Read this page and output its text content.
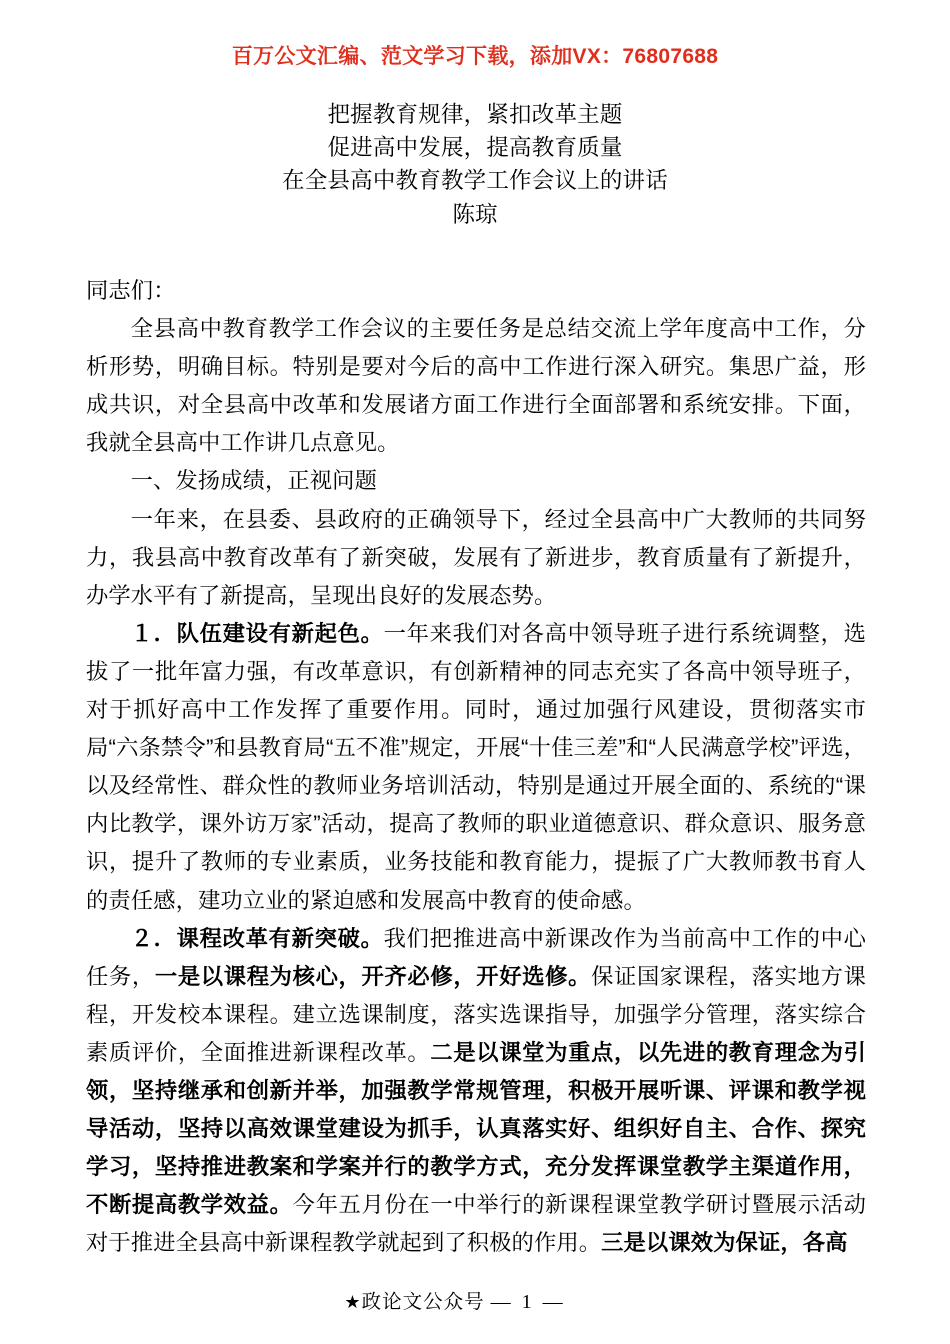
百万公文汇编、范文学习下载，添加VX：76807688
把握教育规律，紧扣改革主题
促进高中发展，提高教育质量
在全县高中教育教学工作会议上的讲话
陈琼

同志们：

全县高中教育教学工作会议的主要任务是总结交流上学年度高中工作，分析形势，明确目标。特别是要对今后的高中工作进行深入研究。集思广益，形成共识，对全县高中改革和发展诸方面工作进行全面部署和系统安排。下面，我就全县高中工作讲几点意见。

一、发扬成绩，正视问题

一年来，在县委、县政府的正确领导下，经过全县高中广大教师的共同努力，我县高中教育改革有了新突破，发展有了新进步，教育质量有了新提升，办学水平有了新提高，呈现出良好的发展态势。

１．队伍建设有新起色。一年来我们对各高中领导班子进行系统调整，选拔了一批年富力强，有改革意识，有创新精神的同志充实了各高中领导班子，对于抓好高中工作发挥了重要作用。同时，通过加强行风建设，贯彻落实市局“六条禁令”和县教育局“五不准”规定，开展“十佳三差”和“人民满意学校”评选，以及经常性、群众性的教师业务培训活动，特别是通过开展全面的、系统的“课内比教学，课外访万家”活动，提高了教师的职业道德意识、群众意识、服务意识，提升了教师的专业素质，业务技能和教育能力，提振了广大教师教书育人的责任感，建功立业的紧迫感和发展高中教育的使命感。

２．课程改革有新突破。我们把推进高中新课改作为当前高中工作的中心任务，一是以课程为核心，开齐必修，开好选修。保证国家课程，落实地方课程，开发校本课程。建立选课制度，落实选课指导，加强学分管理，落实综合素质评价，全面推进新课程改革。二是以课堂为重点，以先进的教育理念为引领，坚持继承和创新并举，加强教学常规管理，积极开展听课、评课和教学视导活动，坚持以高效课堂建设为抓手，认真落实好、组织好自主、合作、探究学习，坚持推进教案和学案并行的教学方式，充分发挥课堂教学主渠道作用，不断提高教学效益。今年五月份在一中举行的新课程课堂教学研讨暨展示活动对于推进全县高中新课程教学就起到了积极的作用。三是以课效为保证，各高

★政论文公众号 — 1 —
